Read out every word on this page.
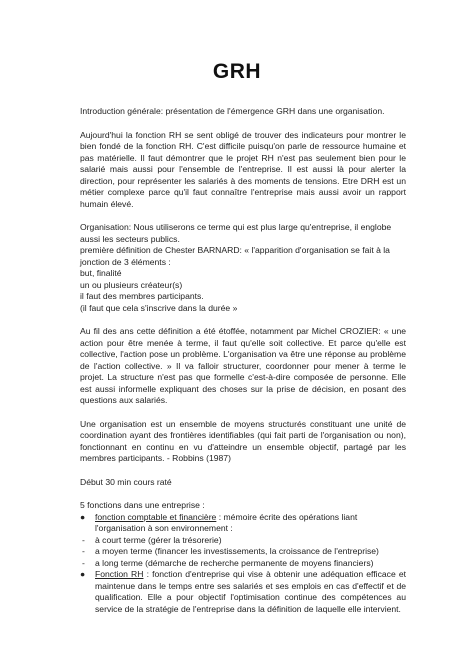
GRH

Introduction générale: présentation de l'émergence GRH dans une organisation.

Aujourd'hui la fonction RH se sent obligé de trouver des indicateurs pour montrer le bien fondé de la fonction RH. C'est difficile puisqu'on parle de ressource humaine et pas matérielle. Il faut démontrer que le projet RH n'est pas seulement bien pour le salarié mais aussi pour l'ensemble de l'entreprise. Il est aussi là pour alerter la direction, pour représenter les salariés à des moments de tensions. Etre DRH est un métier complexe parce qu'il faut connaître l'entreprise mais aussi avoir un rapport humain élevé.

Organisation: Nous utiliserons ce terme qui est plus large qu'entreprise, il englobe aussi les secteurs publics.

première définition de Chester BARNARD: « l'apparition d'organisation se fait à la jonction de 3 éléments :

but, finalité
un ou plusieurs créateur(s)
il faut des membres participants.
(il faut que cela s'inscrive dans la durée »

Au fil des ans cette définition a été étoffée, notamment par Michel CROZIER: « une action pour être menée à terme, il faut qu'elle soit collective. Et parce qu'elle est collective, l'action pose un problème. L'organisation va être une réponse au problème de l'action collective. » Il va falloir structurer, coordonner pour mener à terme le projet. La structure n'est pas que formelle c'est-à-dire composée de personne. Elle est aussi informelle expliquant des choses sur la prise de décision, en posant des questions aux salariés.

Une organisation est un ensemble de moyens structurés constituant une unité de coordination ayant des frontières identifiables (qui fait parti de l'organisation ou non), fonctionnant en continu en vu d'atteindre un ensemble objectif, partagé par les membres participants. - Robbins (1987)

Début 30 min cours raté

5 fonctions dans une entreprise :

●	fonction comptable et financière : mémoire écrite des opérations liant l'organisation à son environnement :
-	à court terme (gérer la trésorerie)
-	a moyen terme (financer les investissements, la croissance de l'entreprise)
-	a long terme (démarche de recherche permanente de moyens financiers)
●	Fonction RH : fonction d'entreprise qui vise à obtenir une adéquation efficace et maintenue dans le temps entre ses salariés et ses emplois en cas d'effectif et de qualification. Elle a pour objectif l'optimisation continue des compétences au service de la stratégie de l'entreprise dans la définition de laquelle elle intervient.
